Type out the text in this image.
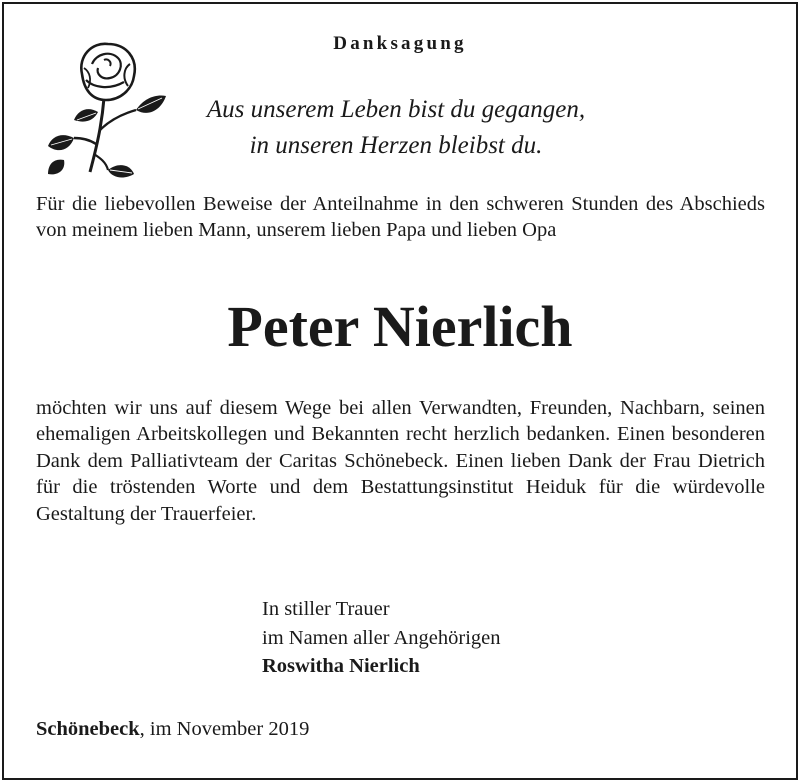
Danksagung

Aus unserem Leben bist du gegangen,

in unseren Herzen bleibst du.

Für die liebevollen Beweise der Anteilnahme in den schweren Stunden des Abschieds von meinem lieben Mann, unserem lieben Papa und lieben Opa

Peter Nierlich

möchten wir uns auf diesem Wege bei allen Verwandten, Freunden, Nachbarn, seinen ehemaligen Arbeitskollegen und Bekannten recht herzlich bedanken. Einen besonderen Dank dem Palliativteam der Caritas Schönebeck. Einen lieben Dank der Frau Dietrich für die tröstenden Worte und dem Bestattungsinstitut Heiduk für die würdevolle Gestaltung der Trauerfeier.

In stiller Trauer
im Namen aller Angehörigen
Roswitha Nierlich

Schönebeck, im November 2019
